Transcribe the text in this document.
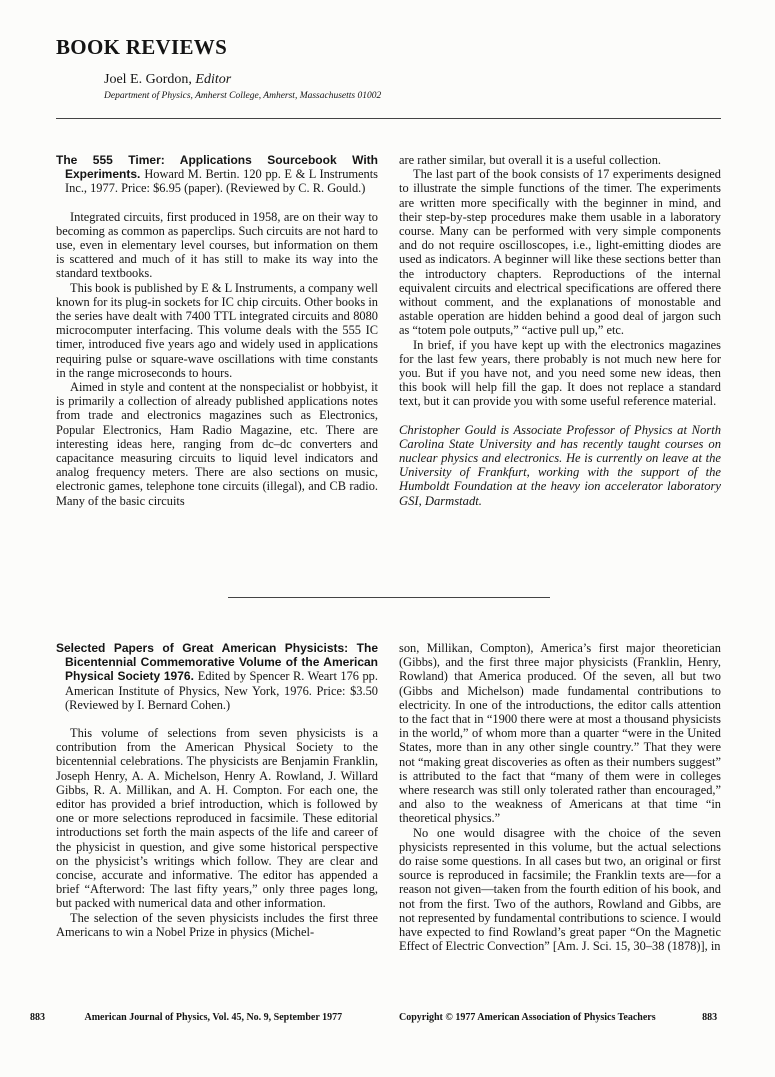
BOOK REVIEWS
Joel E. Gordon, Editor
Department of Physics, Amherst College, Amherst, Massachusetts 01002

The 555 Timer: Applications Sourcebook With Experiments. Howard M. Bertin. 120 pp. E & L Instruments Inc., 1977. Price: $6.95 (paper). (Reviewed by C. R. Gould.)

Integrated circuits, first produced in 1958, are on their way to becoming as common as paperclips. Such circuits are not hard to use, even in elementary level courses, but information on them is scattered and much of it has still to make its way into the standard textbooks.

This book is published by E & L Instruments, a company well known for its plug-in sockets for IC chip circuits. Other books in the series have dealt with 7400 TTL integrated circuits and 8080 microcomputer interfacing. This volume deals with the 555 IC timer, introduced five years ago and widely used in applications requiring pulse or square-wave oscillations with time constants in the range microseconds to hours.

Aimed in style and content at the nonspecialist or hobbyist, it is primarily a collection of already published applications notes from trade and electronics magazines such as Electronics, Popular Electronics, Ham Radio Magazine, etc. There are interesting ideas here, ranging from dc–dc converters and capacitance measuring circuits to liquid level indicators and analog frequency meters. There are also sections on music, electronic games, telephone tone circuits (illegal), and CB radio. Many of the basic circuits

are rather similar, but overall it is a useful collection.

The last part of the book consists of 17 experiments designed to illustrate the simple functions of the timer. The experiments are written more specifically with the beginner in mind, and their step-by-step procedures make them usable in a laboratory course. Many can be performed with very simple components and do not require oscilloscopes, i.e., light-emitting diodes are used as indicators. A beginner will like these sections better than the introductory chapters. Reproductions of the internal equivalent circuits and electrical specifications are offered there without comment, and the explanations of monostable and astable operation are hidden behind a good deal of jargon such as “totem pole outputs,” “active pull up,” etc.

In brief, if you have kept up with the electronics magazines for the last few years, there probably is not much new here for you. But if you have not, and you need some new ideas, then this book will help fill the gap. It does not replace a standard text, but it can provide you with some useful reference material.

Christopher Gould is Associate Professor of Physics at North Carolina State University and has recently taught courses on nuclear physics and electronics. He is currently on leave at the University of Frankfurt, working with the support of the Humboldt Foundation at the heavy ion accelerator laboratory GSI, Darmstadt.

Selected Papers of Great American Physicists: The Bicentennial Commemorative Volume of the American Physical Society 1976. Edited by Spencer R. Weart 176 pp. American Institute of Physics, New York, 1976. Price: $3.50 (Reviewed by I. Bernard Cohen.)

This volume of selections from seven physicists is a contribution from the American Physical Society to the bicentennial celebrations. The physicists are Benjamin Franklin, Joseph Henry, A. A. Michelson, Henry A. Rowland, J. Willard Gibbs, R. A. Millikan, and A. H. Compton. For each one, the editor has provided a brief introduction, which is followed by one or more selections reproduced in facsimile. These editorial introductions set forth the main aspects of the life and career of the physicist in question, and give some historical perspective on the physicist’s writings which follow. They are clear and concise, accurate and informative. The editor has appended a brief “Afterword: The last fifty years,” only three pages long, but packed with numerical data and other information.

The selection of the seven physicists includes the first three Americans to win a Nobel Prize in physics (Michel-

son, Millikan, Compton), America’s first major theoretician (Gibbs), and the first three major physicists (Franklin, Henry, Rowland) that America produced. Of the seven, all but two (Gibbs and Michelson) made fundamental contributions to electricity. In one of the introductions, the editor calls attention to the fact that in “1900 there were at most a thousand physicists in the world,” of whom more than a quarter “were in the United States, more than in any other single country.” That they were not “making great discoveries as often as their numbers suggest” is attributed to the fact that “many of them were in colleges where research was still only tolerated rather than encouraged,” and also to the weakness of Americans at that time “in theoretical physics.”

No one would disagree with the choice of the seven physicists represented in this volume, but the actual selections do raise some questions. In all cases but two, an original or first source is reproduced in facsimile; the Franklin texts are—for a reason not given—taken from the fourth edition of his book, and not from the first. Two of the authors, Rowland and Gibbs, are not represented by fundamental contributions to science. I would have expected to find Rowland’s great paper “On the Magnetic Effect of Electric Convection” [Am. J. Sci. 15, 30–38 (1878)], in

883	American Journal of Physics, Vol. 45, No. 9, September 1977	Copyright © 1977 American Association of Physics Teachers	883
